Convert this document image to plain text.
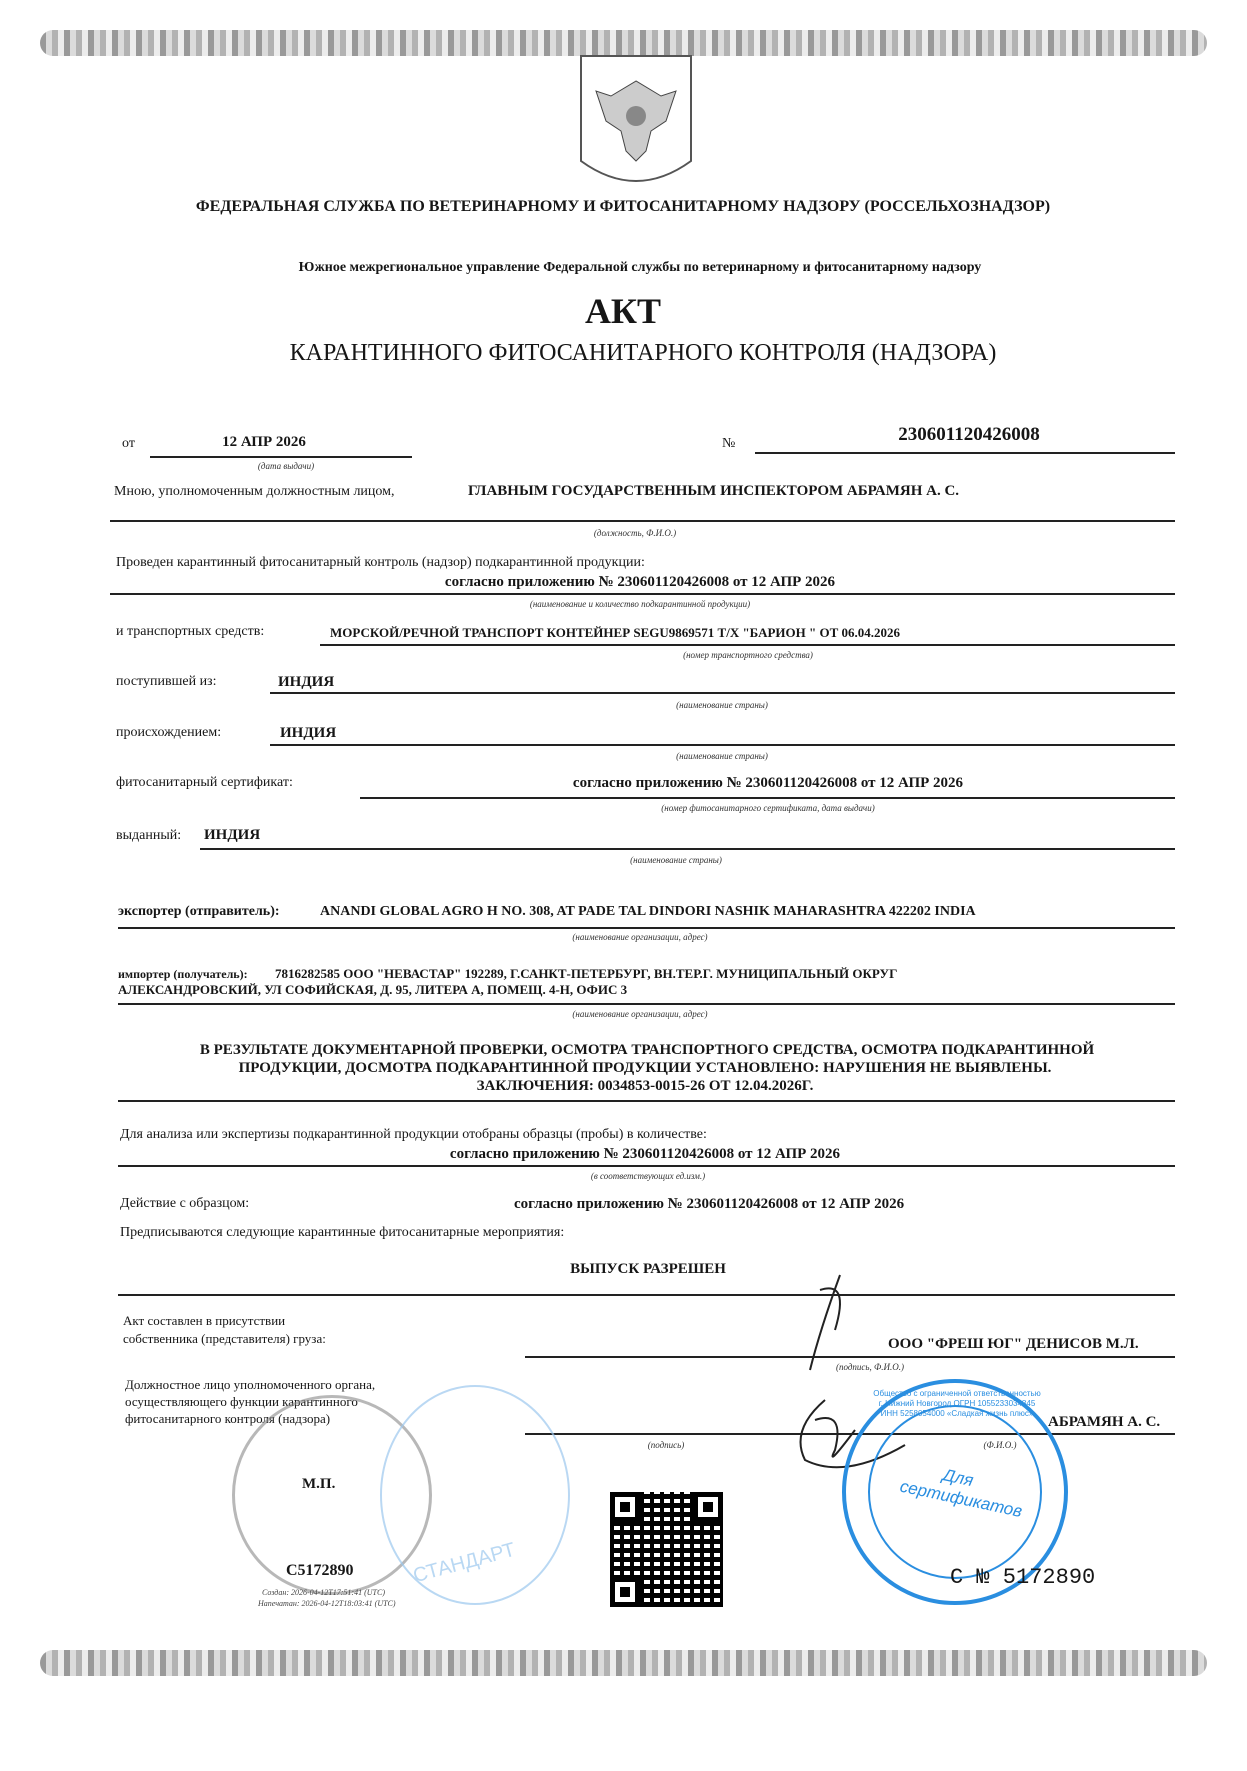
ФЕДЕРАЛЬНАЯ СЛУЖБА ПО ВЕТЕРИНАРНОМУ И ФИТОСАНИТАРНОМУ НАДЗОРУ (РОССЕЛЬХОЗНАДЗОР)
Южное межрегиональное управление Федеральной службы по ветеринарному и фитосанитарному надзору
АКТ
КАРАНТИННОГО ФИТОСАНИТАРНОГО КОНТРОЛЯ (НАДЗОРА)
от	12 АПР 2026
(дата выдачи)
№	230601120426008
Мною, уполномоченным должностным лицом,	ГЛАВНЫМ ГОСУДАРСТВЕННЫМ ИНСПЕКТОРОМ АБРАМЯН А. С.
(должность, Ф.И.О.)
Проведен карантинный фитосанитарный контроль (надзор) подкарантинной продукции:
согласно приложению № 230601120426008 от 12 АПР 2026
(наименование и количество подкарантинной продукции)
и транспортных средств:	МОРСКОЙ/РЕЧНОЙ ТРАНСПОРТ КОНТЕЙНЕР SEGU9869571 Т/Х "БАРИОН " ОТ 06.04.2026
(номер транспортного средства)
поступившей из:	ИНДИЯ
(наименование страны)
происхождением:	ИНДИЯ
(наименование страны)
фитосанитарный сертификат:	согласно приложению № 230601120426008 от 12 АПР 2026
(номер фитосанитарного сертификата, дата выдачи)
выданный: ИНДИЯ
(наименование страны)
экспортер (отправитель):	ANANDI GLOBAL AGRO H NO. 308, AT PADE TAL DINDORI NASHIK MAHARASHTRA 422202 INDIA
(наименование организации, адрес)
импортер (получатель): 7816282585 ООО "НЕВАСТАР" 192289, Г.САНКТ-ПЕТЕРБУРГ, ВН.ТЕР.Г. МУНИЦИПАЛЬНЫЙ ОКРУГ
АЛЕКСАНДРОВСКИЙ, УЛ СОФИЙСКАЯ, Д. 95, ЛИТЕРА А, ПОМЕЩ. 4-Н, ОФИС 3
(наименование организации, адрес)
В РЕЗУЛЬТАТЕ ДОКУМЕНТАРНОЙ ПРОВЕРКИ, ОСМОТРА ТРАНСПОРТНОГО СРЕДСТВА, ОСМОТРА ПОДКАРАНТИННОЙ
ПРОДУКЦИИ, ДОСМОТРА ПОДКАРАНТИННОЙ ПРОДУКЦИИ УСТАНОВЛЕНО: НАРУШЕНИЯ НЕ ВЫЯВЛЕНЫ.
ЗАКЛЮЧЕНИЯ: 0034853-0015-26 ОТ 12.04.2026Г.
Для анализа или экспертизы подкарантинной продукции отобраны образцы (пробы) в количестве:
согласно приложению № 230601120426008 от 12 АПР 2026
(в соответствующих ед.изм.)
Действие с образцом:	согласно приложению № 230601120426008 от 12 АПР 2026
Предписываются следующие карантинные фитосанитарные мероприятия:
ВЫПУСК РАЗРЕШЕН
Акт составлен в присутствии
собственника (представителя) груза:	ООО "ФРЕШ ЮГ" ДЕНИСОВ М.Л.
(подпись, Ф.И.О.)
Должностное лицо уполномоченного органа,
осуществляющего функции карантинного
фитосанитарного контроля (надзора)	АБРАМЯН А. С.
(подпись)	(Ф.И.О.)
СТАНДАРТ
М.П.
С5172890
Создан: 2026-04-12T17:51:41 (UTC)
Напечатан: 2026-04-12T18:03:41 (UTC)
Общество с ограниченной ответственностью г. Нижний Новгород ОГРН 1055233034845 ИНН 5258054000 «Сладкая жизнь плюс»
Для сертификатов
С № 5172890
